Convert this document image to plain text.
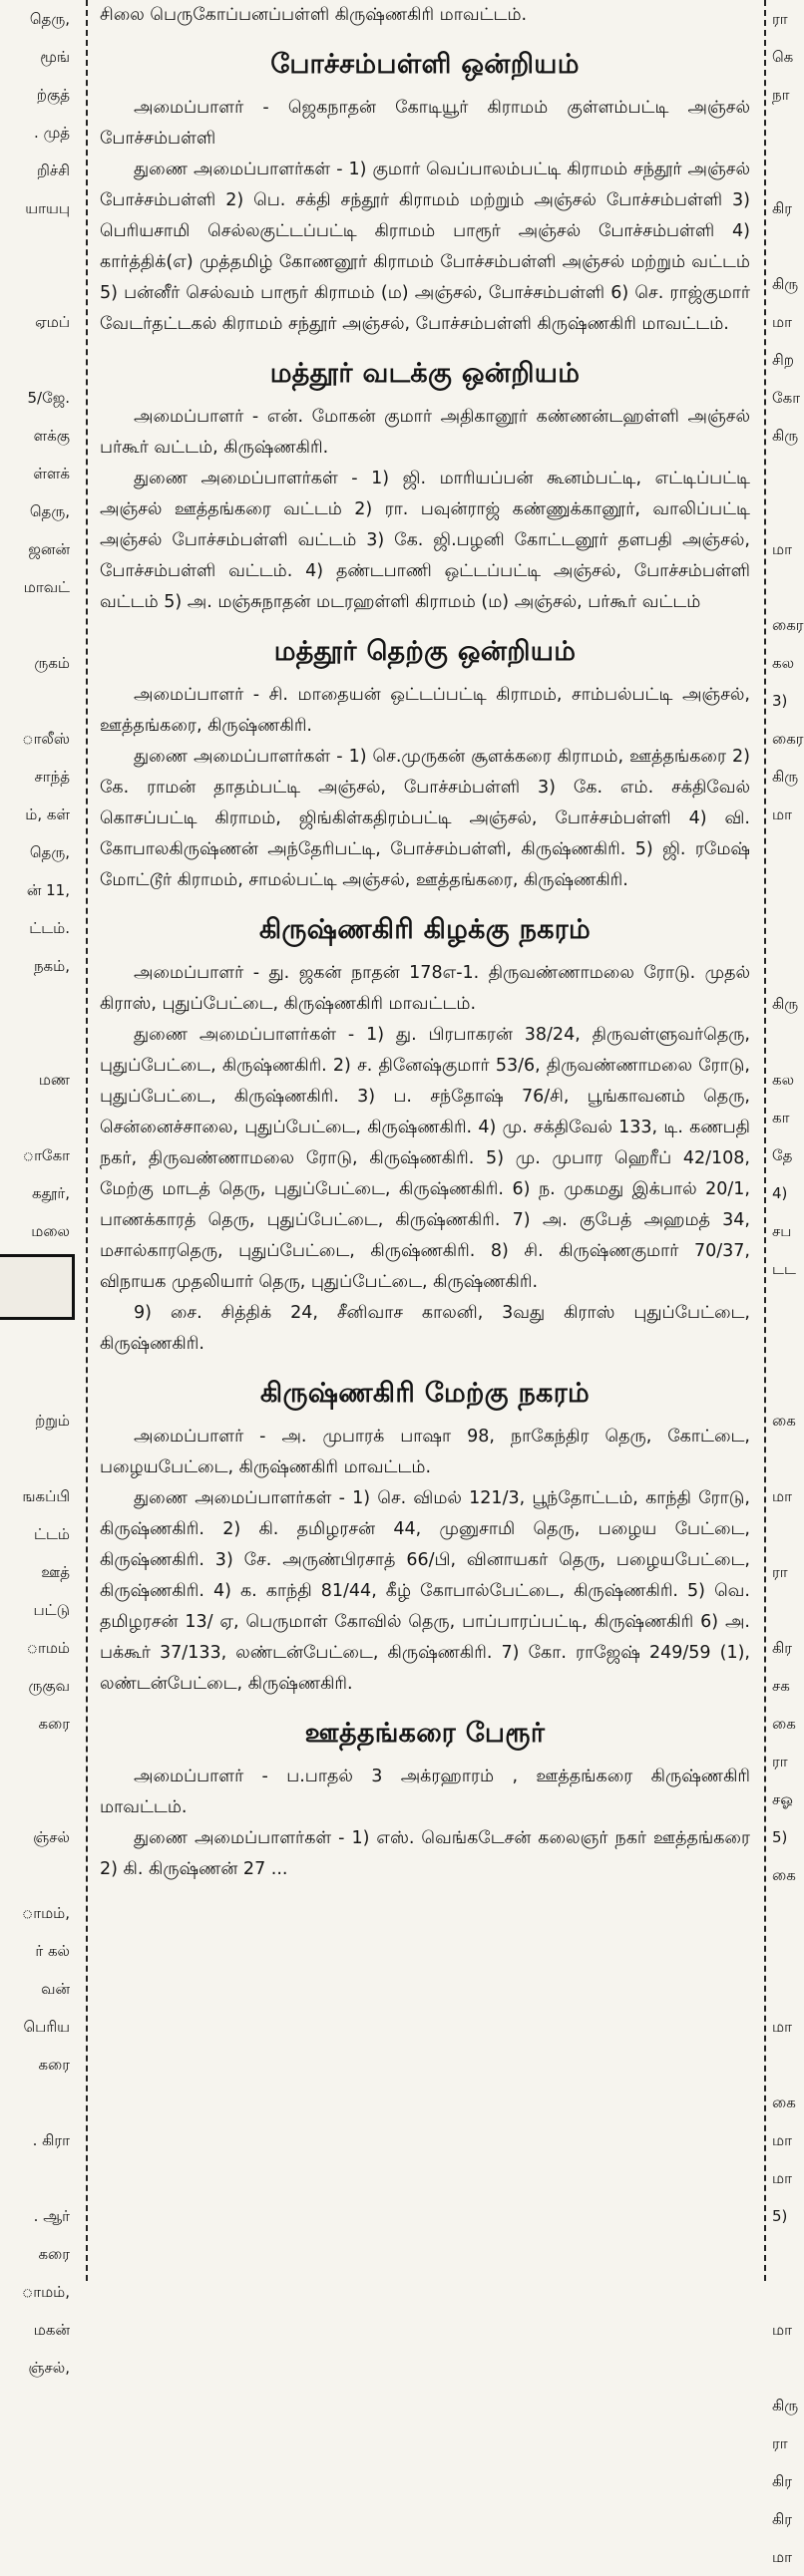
தெரு,
மூங்
ற்குத்
. முத்
றிச்சி
யாயபு
ஏமப்
5/ஜே.
ளக்கு
ள்ளக்
தெரு,
ஜனன்
மாவட்
ருகம்
ாலீஸ்
சாந்த்
ம், கள்
தெரு,
ன் 11,
ட்டம்.
நகம்,
மண
ாகோ
கதூர்,
மலை
ற்றும்
ஙகப்பி
ட்டம்
ஊத்
பட்டு
ாமம்
ருகுவ
கரை
ஞ்சல்
ாமம்,
ர் கல்
வன்
பெரிய
கரை
. கிரா
. ஆர்
கரை
ாமம்,
மகன்
ஞ்சல்,

சிலை பெருகோப்பனப்பள்ளி கிருஷ்ணகிரி மாவட்டம்.

போச்சம்பள்ளி ஒன்றியம்

அமைப்பாளர் - ஜெகநாதன் கோடியூர் கிராமம் குள்ளம்பட்டி அஞ்சல் போச்சம்பள்ளி

துணை அமைப்பாளர்கள் - 1) குமார் வெப்பாலம்பட்டி கிராமம் சந்தூர் அஞ்சல் போச்சம்பள்ளி 2) பெ. சக்தி சந்தூர் கிராமம் மற்றும் அஞ்சல் போச்சம்பள்ளி 3) பெரியசாமி செல்லகுட்டப்பட்டி கிராமம் பாரூர் அஞ்சல் போச்சம்பள்ளி 4) கார்த்திக்(எ) முத்தமிழ் கோணனூர் கிராமம் போச்சம்பள்ளி அஞ்சல் மற்றும் வட்டம் 5) பன்னீர் செல்வம் பாரூர் கிராமம் (ம) அஞ்சல், போச்சம்பள்ளி 6) செ. ராஜ்குமார் வேடர்தட்டகல் கிராமம் சந்தூர் அஞ்சல், போச்சம்பள்ளி கிருஷ்ணகிரி மாவட்டம்.

மத்தூர் வடக்கு ஒன்றியம்

அமைப்பாளர் - என். மோகன் குமார் அதிகானூர் கண்ணன்டஹள்ளி அஞ்சல் பர்கூர் வட்டம், கிருஷ்ணகிரி.

துணை அமைப்பாளர்கள் - 1) ஜி. மாரியப்பன் கூனம்பட்டி, எட்டிப்பட்டி அஞ்சல் ஊத்தங்கரை வட்டம் 2) ரா. பவுன்ராஜ் கண்ணுக்கானூர், வாலிப்பட்டி அஞ்சல் போச்சம்பள்ளி வட்டம் 3) கே. ஜி.பழனி கோட்டனூர் தளபதி அஞ்சல், போச்சம்பள்ளி வட்டம். 4) தண்டபாணி ஒட்டப்பட்டி அஞ்சல், போச்சம்பள்ளி வட்டம் 5) அ. மஞ்சுநாதன் மடரஹள்ளி கிராமம் (ம) அஞ்சல், பர்கூர் வட்டம்

மத்தூர் தெற்கு ஒன்றியம்

அமைப்பாளர் - சி. மாதையன் ஒட்டப்பட்டி கிராமம், சாம்பல்பட்டி அஞ்சல், ஊத்தங்கரை, கிருஷ்ணகிரி.

துணை அமைப்பாளர்கள் - 1) செ.முருகன் சூளக்கரை கிராமம், ஊத்தங்கரை 2) கே. ராமன் தாதம்பட்டி அஞ்சல், போச்சம்பள்ளி 3) கே. எம். சக்திவேல் கொசப்பட்டி கிராமம், ஜிங்கிள்கதிரம்பட்டி அஞ்சல், போச்சம்பள்ளி 4) வி. கோபாலகிருஷ்ணன் அந்தேரிபட்டி, போச்சம்பள்ளி, கிருஷ்ணகிரி. 5) ஜி. ரமேஷ் மோட்டூர் கிராமம், சாமல்பட்டி அஞ்சல், ஊத்தங்கரை, கிருஷ்ணகிரி.

கிருஷ்ணகிரி கிழக்கு நகரம்

அமைப்பாளர் - து. ஜகன் நாதன் 178எ-1. திருவண்ணாமலை ரோடு. முதல் கிராஸ், புதுப்பேட்டை, கிருஷ்ணகிரி மாவட்டம்.

துணை அமைப்பாளர்கள் - 1) து. பிரபாகரன் 38/24, திருவள்ளுவர்தெரு, புதுப்பேட்டை, கிருஷ்ணகிரி. 2) ச. தினேஷ்குமார் 53/6, திருவண்ணாமலை ரோடு, புதுப்பேட்டை, கிருஷ்ணகிரி. 3) ப. சந்தோஷ் 76/சி, பூங்காவனம் தெரு, சென்னைச்சாலை, புதுப்பேட்டை, கிருஷ்ணகிரி. 4) மு. சக்திவேல் 133, டி. கணபதி நகர், திருவண்ணாமலை ரோடு, கிருஷ்ணகிரி. 5) மு. முபார ஹெரீப் 42/108, மேற்கு மாடத் தெரு, புதுப்பேட்டை, கிருஷ்ணகிரி. 6) ந. முகமது இக்பால் 20/1, பாணக்காரத் தெரு, புதுப்பேட்டை, கிருஷ்ணகிரி. 7) அ. குபேத் அஹமத் 34, மசால்காரதெரு, புதுப்பேட்டை, கிருஷ்ணகிரி. 8) சி. கிருஷ்ணகுமார் 70/37, விநாயக முதலியார் தெரு, புதுப்பேட்டை, கிருஷ்ணகிரி.

9) சை. சித்திக் 24, சீனிவாச காலனி, 3வது கிராஸ் புதுப்பேட்டை, கிருஷ்ணகிரி.

கிருஷ்ணகிரி மேற்கு நகரம்

அமைப்பாளர் - அ. முபாரக் பாஷா 98, நாகேந்திர தெரு, கோட்டை, பழையபேட்டை, கிருஷ்ணகிரி மாவட்டம்.

துணை அமைப்பாளர்கள் - 1) செ. விமல் 121/3, பூந்தோட்டம், காந்தி ரோடு, கிருஷ்ணகிரி. 2) கி. தமிழரசன் 44, முனுசாமி தெரு, பழைய பேட்டை, கிருஷ்ணகிரி. 3) சே. அருண்பிரசாத் 66/பி, வினாயகர் தெரு, பழையபேட்டை, கிருஷ்ணகிரி. 4) க. காந்தி 81/44, கீழ் கோபால்பேட்டை, கிருஷ்ணகிரி. 5) வெ. தமிழரசன் 13/ ஏ, பெருமாள் கோவில் தெரு, பாப்பாரப்பட்டி, கிருஷ்ணகிரி 6) அ. பக்கூர் 37/133, லண்டன்பேட்டை, கிருஷ்ணகிரி. 7) கோ. ராஜேஷ் 249/59 (1), லண்டன்பேட்டை, கிருஷ்ணகிரி.

ஊத்தங்கரை பேரூர்

அமைப்பாளர் - ப.பாதல் 3 அக்ரஹாரம் , ஊத்தங்கரை கிருஷ்ணகிரி மாவட்டம்.

துணை அமைப்பாளர்கள் - 1) எஸ். வெங்கடேசன் கலைஞர் நகர் ஊத்தங்கரை 2) கி. கிருஷ்ணன் 27 ...

ரா
கெ
நா
கிர
கிரு
மா
சிற
கோ
கிரு
மா
கைர
கல
3)
கைர
கிரு
மா
கிரு
கல
கா
தே
4)
சப
டட
கை
மா
ரா
கிர
சக
கை
ரா
சஓ
5)
கை
மா
கை
மா
மா
5)
மா
கிரு
ரா
கிர
கிர
மா
